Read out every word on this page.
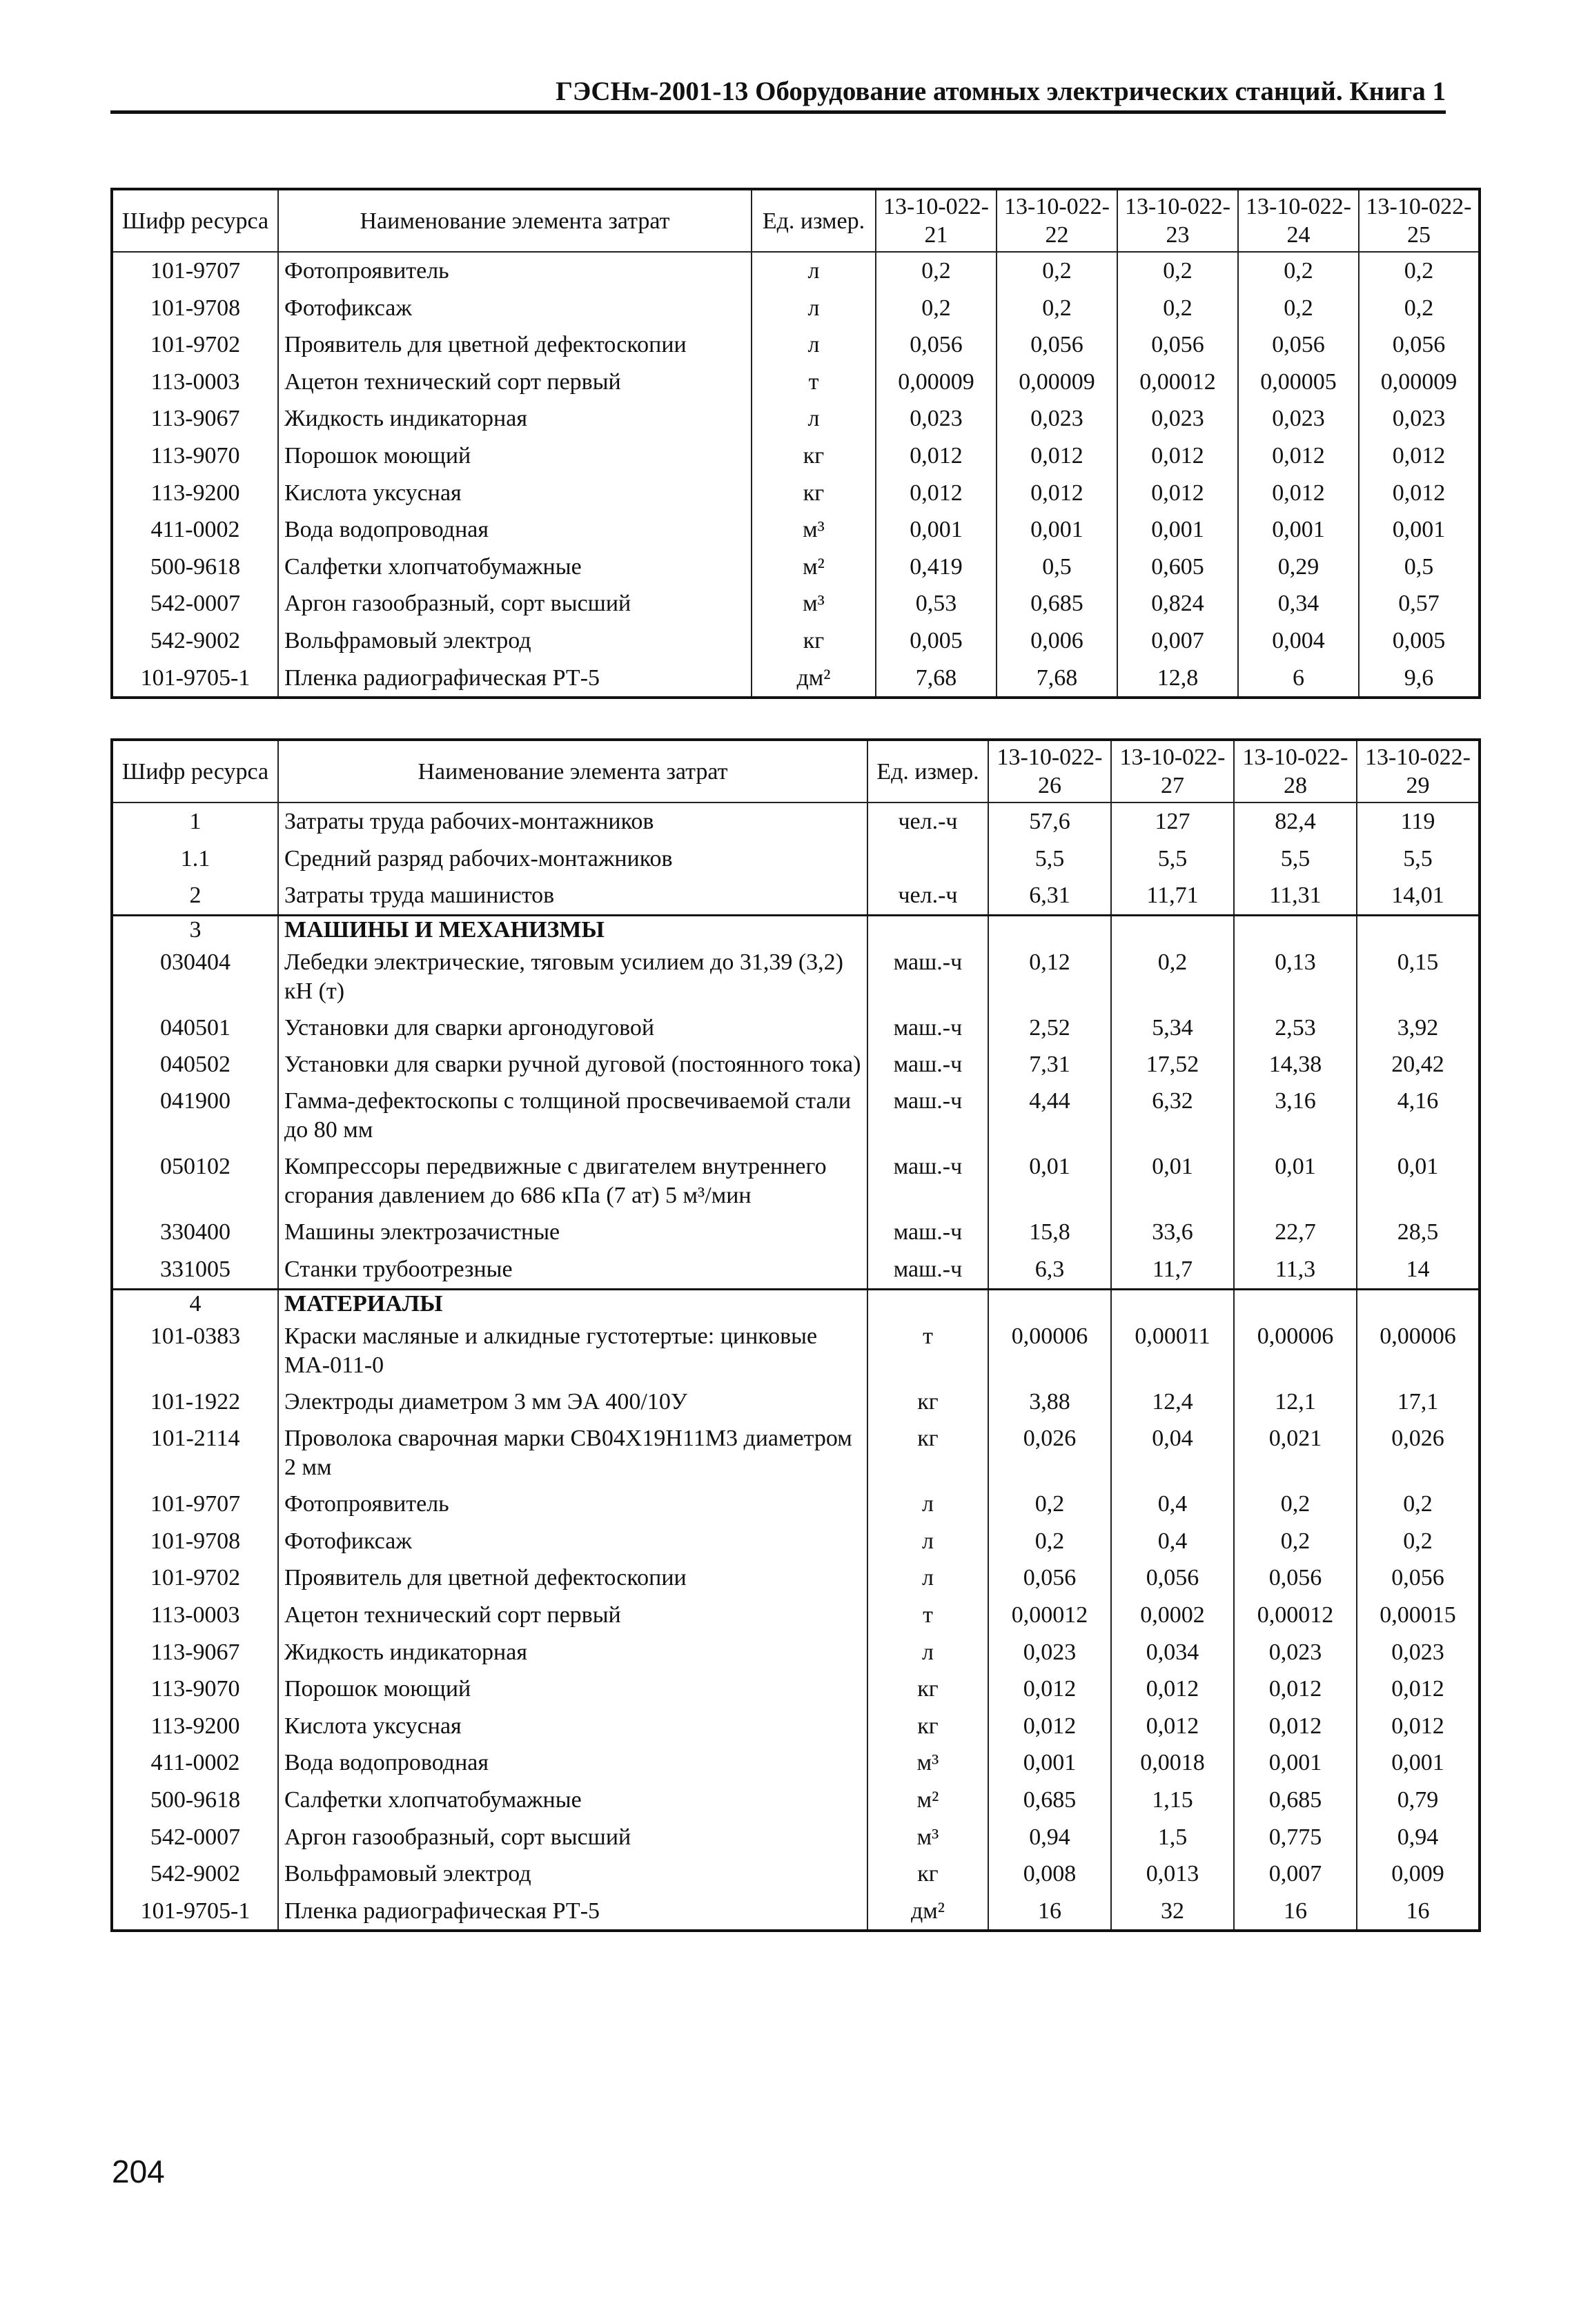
ГЭСНм-2001-13 Оборудование атомных электрических станций. Книга 1
Шифр ресурса	Наименование элемента затрат	Ед. измер.	13-10-022-21	13-10-022-22	13-10-022-23	13-10-022-24	13-10-022-25
101-9707	Фотопроявитель	л	0,2	0,2	0,2	0,2	0,2
101-9708	Фотофиксаж	л	0,2	0,2	0,2	0,2	0,2
101-9702	Проявитель для цветной дефектоскопии	л	0,056	0,056	0,056	0,056	0,056
113-0003	Ацетон технический сорт первый	т	0,00009	0,00009	0,00012	0,00005	0,00009
113-9067	Жидкость индикаторная	л	0,023	0,023	0,023	0,023	0,023
113-9070	Порошок моющий	кг	0,012	0,012	0,012	0,012	0,012
113-9200	Кислота уксусная	кг	0,012	0,012	0,012	0,012	0,012
411-0002	Вода водопроводная	м³	0,001	0,001	0,001	0,001	0,001
500-9618	Салфетки хлопчатобумажные	м²	0,419	0,5	0,605	0,29	0,5
542-0007	Аргон газообразный, сорт высший	м³	0,53	0,685	0,824	0,34	0,57
542-9002	Вольфрамовый электрод	кг	0,005	0,006	0,007	0,004	0,005
101-9705-1	Пленка радиографическая РТ-5	дм²	7,68	7,68	12,8	6	9,6
Шифр ресурса	Наименование элемента затрат	Ед. измер.	13-10-022-26	13-10-022-27	13-10-022-28	13-10-022-29
1	Затраты труда рабочих-монтажников	чел.-ч	57,6	127	82,4	119
1.1	Средний разряд рабочих-монтажников		5,5	5,5	5,5	5,5
2	Затраты труда машинистов	чел.-ч	6,31	11,71	11,31	14,01
3	МАШИНЫ И МЕХАНИЗМЫ					
030404	Лебедки электрические, тяговым усилием до 31,39 (3,2) кН (т)	маш.-ч	0,12	0,2	0,13	0,15
040501	Установки для сварки аргонодуговой	маш.-ч	2,52	5,34	2,53	3,92
040502	Установки для сварки ручной дуговой (постоянного тока)	маш.-ч	7,31	17,52	14,38	20,42
041900	Гамма-дефектоскопы с толщиной просвечиваемой стали до 80 мм	маш.-ч	4,44	6,32	3,16	4,16
050102	Компрессоры передвижные с двигателем внутреннего сгорания давлением до 686 кПа (7 ат) 5 м³/мин	маш.-ч	0,01	0,01	0,01	0,01
330400	Машины электрозачистные	маш.-ч	15,8	33,6	22,7	28,5
331005	Станки трубоотрезные	маш.-ч	6,3	11,7	11,3	14
4	МАТЕРИАЛЫ					
101-0383	Краски масляные и алкидные густотертые: цинковые МА-011-0	т	0,00006	0,00011	0,00006	0,00006
101-1922	Электроды диаметром 3 мм ЭА 400/10У	кг	3,88	12,4	12,1	17,1
101-2114	Проволока сварочная марки СВ04Х19Н11М3 диаметром 2 мм	кг	0,026	0,04	0,021	0,026
101-9707	Фотопроявитель	л	0,2	0,4	0,2	0,2
101-9708	Фотофиксаж	л	0,2	0,4	0,2	0,2
101-9702	Проявитель для цветной дефектоскопии	л	0,056	0,056	0,056	0,056
113-0003	Ацетон технический сорт первый	т	0,00012	0,0002	0,00012	0,00015
113-9067	Жидкость индикаторная	л	0,023	0,034	0,023	0,023
113-9070	Порошок моющий	кг	0,012	0,012	0,012	0,012
113-9200	Кислота уксусная	кг	0,012	0,012	0,012	0,012
411-0002	Вода водопроводная	м³	0,001	0,0018	0,001	0,001
500-9618	Салфетки хлопчатобумажные	м²	0,685	1,15	0,685	0,79
542-0007	Аргон газообразный, сорт высший	м³	0,94	1,5	0,775	0,94
542-9002	Вольфрамовый электрод	кг	0,008	0,013	0,007	0,009
101-9705-1	Пленка радиографическая РТ-5	дм²	16	32	16	16
204
